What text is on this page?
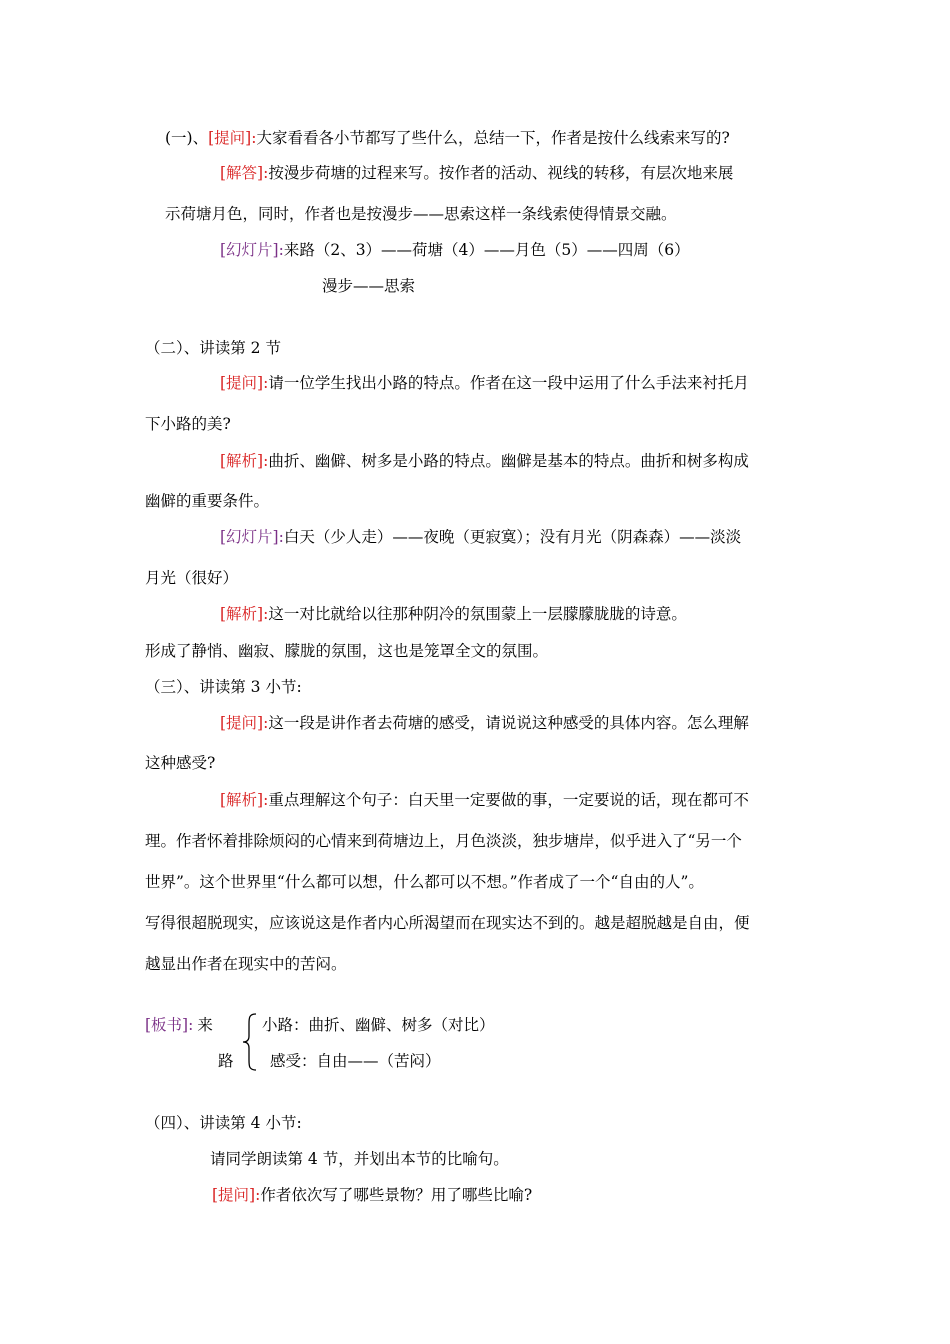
(一)、[提问]:大家看看各小节都写了些什么，总结一下，作者是按什么线索来写的?
[解答]:按漫步荷塘的过程来写。按作者的活动、视线的转移，有层次地来展
示荷塘月色，同时，作者也是按漫步——思索这样一条线索使得情景交融。
[幻灯片]:来路（2、3）——荷塘（4）——月色（5）——四周（6）
漫步——思索
（二）、讲读第 2 节
[提问]:请一位学生找出小路的特点。作者在这一段中运用了什么手法来衬托月
下小路的美?
[解析]:曲折、幽僻、树多是小路的特点。幽僻是基本的特点。曲折和树多构成
幽僻的重要条件。
[幻灯片]:白天（少人走）——夜晚（更寂寞）；没有月光（阴森森）——淡淡
月光（很好）
[解析]:这一对比就给以往那种阴冷的氛围蒙上一层朦朦胧胧的诗意。
形成了静悄、幽寂、朦胧的氛围，这也是笼罩全文的氛围。
（三）、讲读第 3 小节:
[提问]:这一段是讲作者去荷塘的感受，请说说这种感受的具体内容。怎么理解
这种感受?
[解析]:重点理解这个句子：白天里一定要做的事，一定要说的话，现在都可不
理。作者怀着排除烦闷的心情来到荷塘边上，月色淡淡，独步塘岸，似乎进入了“另一个
世界”。这个世界里“什么都可以想，什么都可以不想。”作者成了一个“自由的人”。
写得很超脱现实，应该说这是作者内心所渴望而在现实达不到的。越是超脱越是自由，便
越显出作者在现实中的苦闷。
[板书]: 来	小路：曲折、幽僻、树多（对比）
路 感受：自由——（苦闷）
（四）、讲读第 4 小节:
请同学朗读第 4 节，并划出本节的比喻句。
[提问]:作者依次写了哪些景物？用了哪些比喻?
